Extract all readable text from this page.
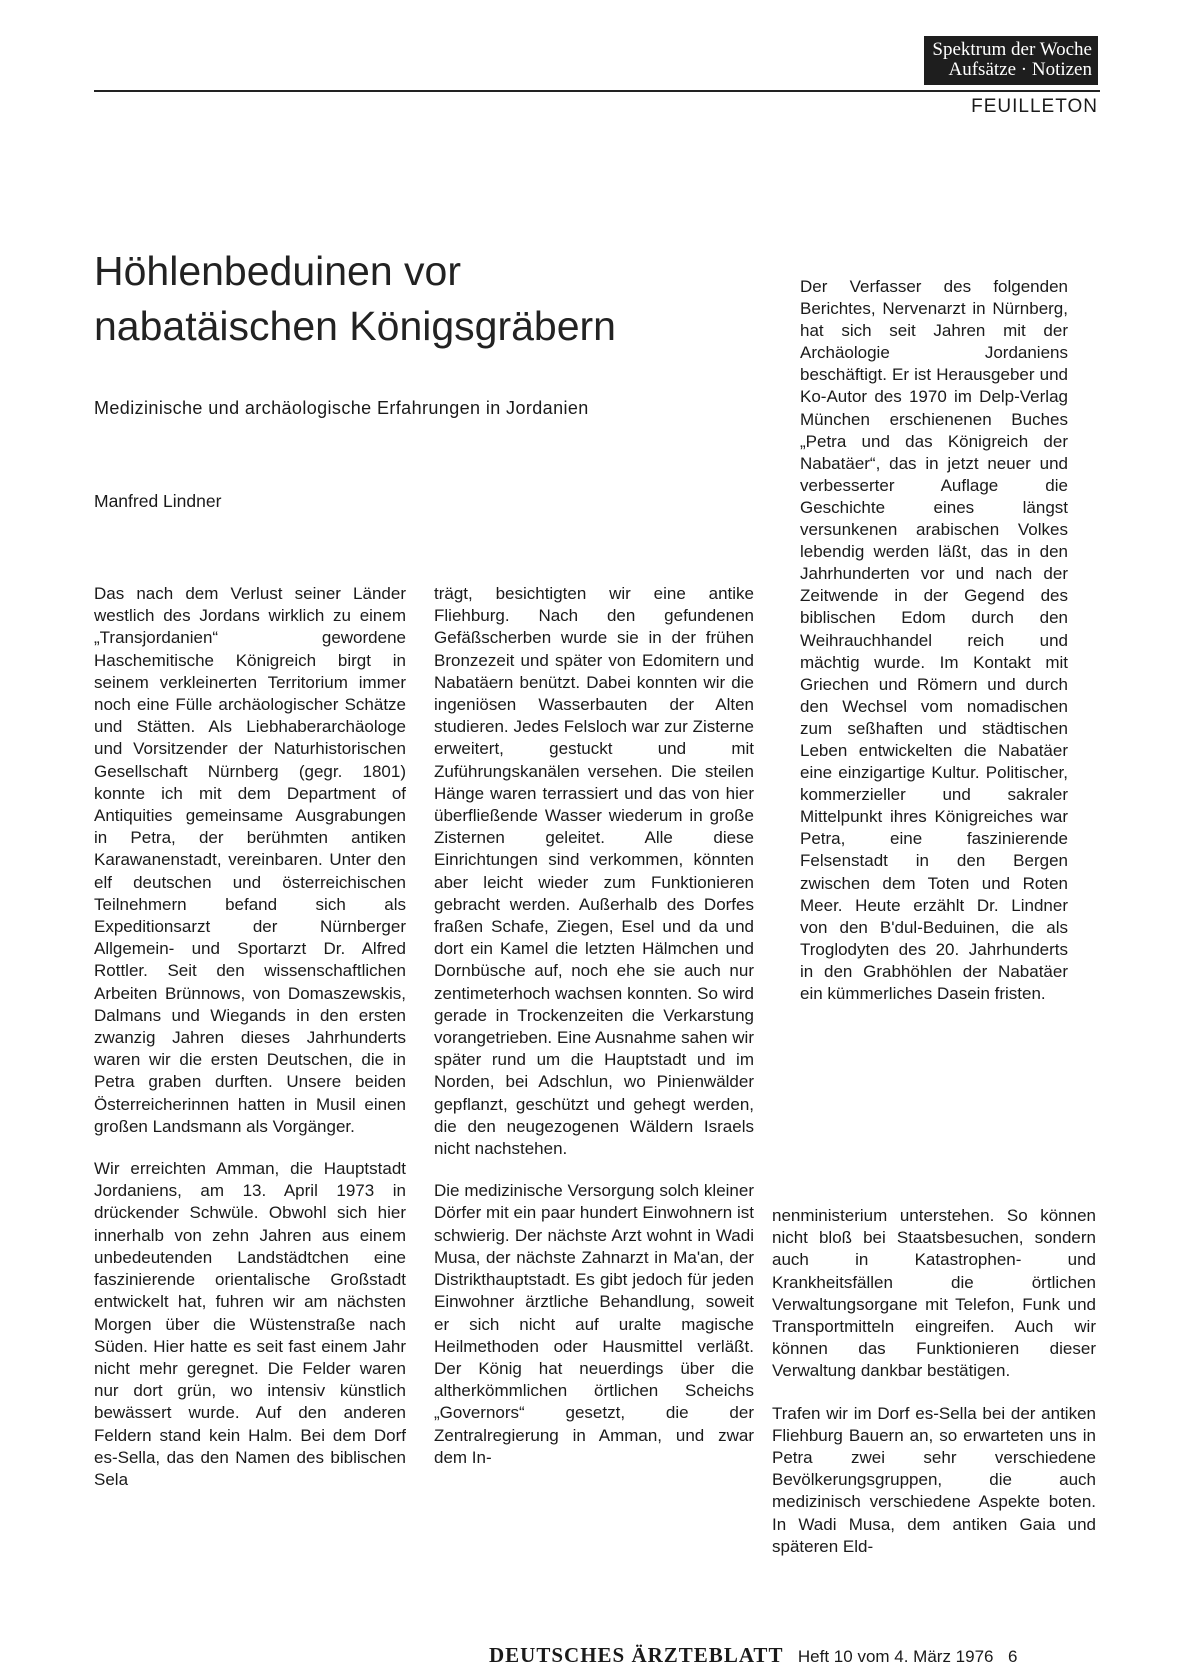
Spektrum der Woche
Aufsätze · Notizen
FEUILLETON
Höhlenbeduinen vor
nabatäischen Königsgräbern
Medizinische und archäologische Erfahrungen in Jordanien
Manfred Lindner
Der Verfasser des folgenden Berichtes, Nervenarzt in Nürnberg, hat sich seit Jahren mit der Archäologie Jordaniens beschäftigt. Er ist Herausgeber und Ko-Autor des 1970 im Delp-Verlag München erschienenen Buches „Petra und das Königreich der Nabatäer“, das in jetzt neuer und verbesserter Auflage die Geschichte eines längst versunkenen arabischen Volkes lebendig werden läßt, das in den Jahrhunderten vor und nach der Zeitwende in der Gegend des biblischen Edom durch den Weihrauchhandel reich und mächtig wurde. Im Kontakt mit Griechen und Römern und durch den Wechsel vom nomadischen zum seßhaften und städtischen Leben entwickelten die Nabatäer eine einzigartige Kultur. Politischer, kommerzieller und sakraler Mittelpunkt ihres Königreiches war Petra, eine faszinierende Felsenstadt in den Bergen zwischen dem Toten und Roten Meer. Heute erzählt Dr. Lindner von den B'dul-Beduinen, die als Troglodyten des 20. Jahrhunderts in den Grabhöhlen der Nabatäer ein kümmerliches Dasein fristen.

Das nach dem Verlust seiner Länder westlich des Jordans wirklich zu einem „Transjordanien“ gewordene Haschemitische Königreich birgt in seinem verkleinerten Territorium immer noch eine Fülle archäologischer Schätze und Stätten. Als Liebhaberarchäologe und Vorsitzender der Naturhistorischen Gesellschaft Nürnberg (gegr. 1801) konnte ich mit dem Department of Antiquities gemeinsame Ausgrabungen in Petra, der berühmten antiken Karawanenstadt, vereinbaren. Unter den elf deutschen und österreichischen Teilnehmern befand sich als Expeditionsarzt der Nürnberger Allgemein- und Sportarzt Dr. Alfred Rottler. Seit den wissenschaftlichen Arbeiten Brünnows, von Domaszewskis, Dalmans und Wiegands in den ersten zwanzig Jahren dieses Jahrhunderts waren wir die ersten Deutschen, die in Petra graben durften. Unsere beiden Österreicherinnen hatten in Musil einen großen Landsmann als Vorgänger.

Wir erreichten Amman, die Hauptstadt Jordaniens, am 13. April 1973 in drückender Schwüle. Obwohl sich hier innerhalb von zehn Jahren aus einem unbedeutenden Landstädtchen eine faszinierende orientalische Großstadt entwickelt hat, fuhren wir am nächsten Morgen über die Wüstenstraße nach Süden. Hier hatte es seit fast einem Jahr nicht mehr geregnet. Die Felder waren nur dort grün, wo intensiv künstlich bewässert wurde. Auf den anderen Feldern stand kein Halm. Bei dem Dorf es-Sella, das den Namen des biblischen Sela

trägt, besichtigten wir eine antike Fliehburg. Nach den gefundenen Gefäßscherben wurde sie in der frühen Bronzezeit und später von Edomitern und Nabatäern benützt. Dabei konnten wir die ingeniösen Wasserbauten der Alten studieren. Jedes Felsloch war zur Zisterne erweitert, gestuckt und mit Zuführungskanälen versehen. Die steilen Hänge waren terrassiert und das von hier überfließende Wasser wiederum in große Zisternen geleitet. Alle diese Einrichtungen sind verkommen, könnten aber leicht wieder zum Funktionieren gebracht werden. Außerhalb des Dorfes fraßen Schafe, Ziegen, Esel und da und dort ein Kamel die letzten Hälmchen und Dornbüsche auf, noch ehe sie auch nur zentimeterhoch wachsen konnten. So wird gerade in Trockenzeiten die Verkarstung vorangetrieben. Eine Ausnahme sahen wir später rund um die Hauptstadt und im Norden, bei Adschlun, wo Pinienwälder gepflanzt, geschützt und gehegt werden, die den neugezogenen Wäldern Israels nicht nachstehen.

Die medizinische Versorgung solch kleiner Dörfer mit ein paar hundert Einwohnern ist schwierig. Der nächste Arzt wohnt in Wadi Musa, der nächste Zahnarzt in Ma'an, der Distrikthauptstadt. Es gibt jedoch für jeden Einwohner ärztliche Behandlung, soweit er sich nicht auf uralte magische Heilmethoden oder Hausmittel verläßt. Der König hat neuerdings über die altherkömmlichen örtlichen Scheichs „Governors“ gesetzt, die der Zentralregierung in Amman, und zwar dem In-

nenministerium unterstehen. So können nicht bloß bei Staatsbesuchen, sondern auch in Katastrophen- und Krankheitsfällen die örtlichen Verwaltungsorgane mit Telefon, Funk und Transportmitteln eingreifen. Auch wir können das Funktionieren dieser Verwaltung dankbar bestätigen.

Trafen wir im Dorf es-Sella bei der antiken Fliehburg Bauern an, so erwarteten uns in Petra zwei sehr verschiedene Bevölkerungsgruppen, die auch medizinisch verschiedene Aspekte boten. In Wadi Musa, dem antiken Gaia und späteren Eld-

DEUTSCHES ÄRZTEBLATT Heft 10 vom 4. März 1976 6
